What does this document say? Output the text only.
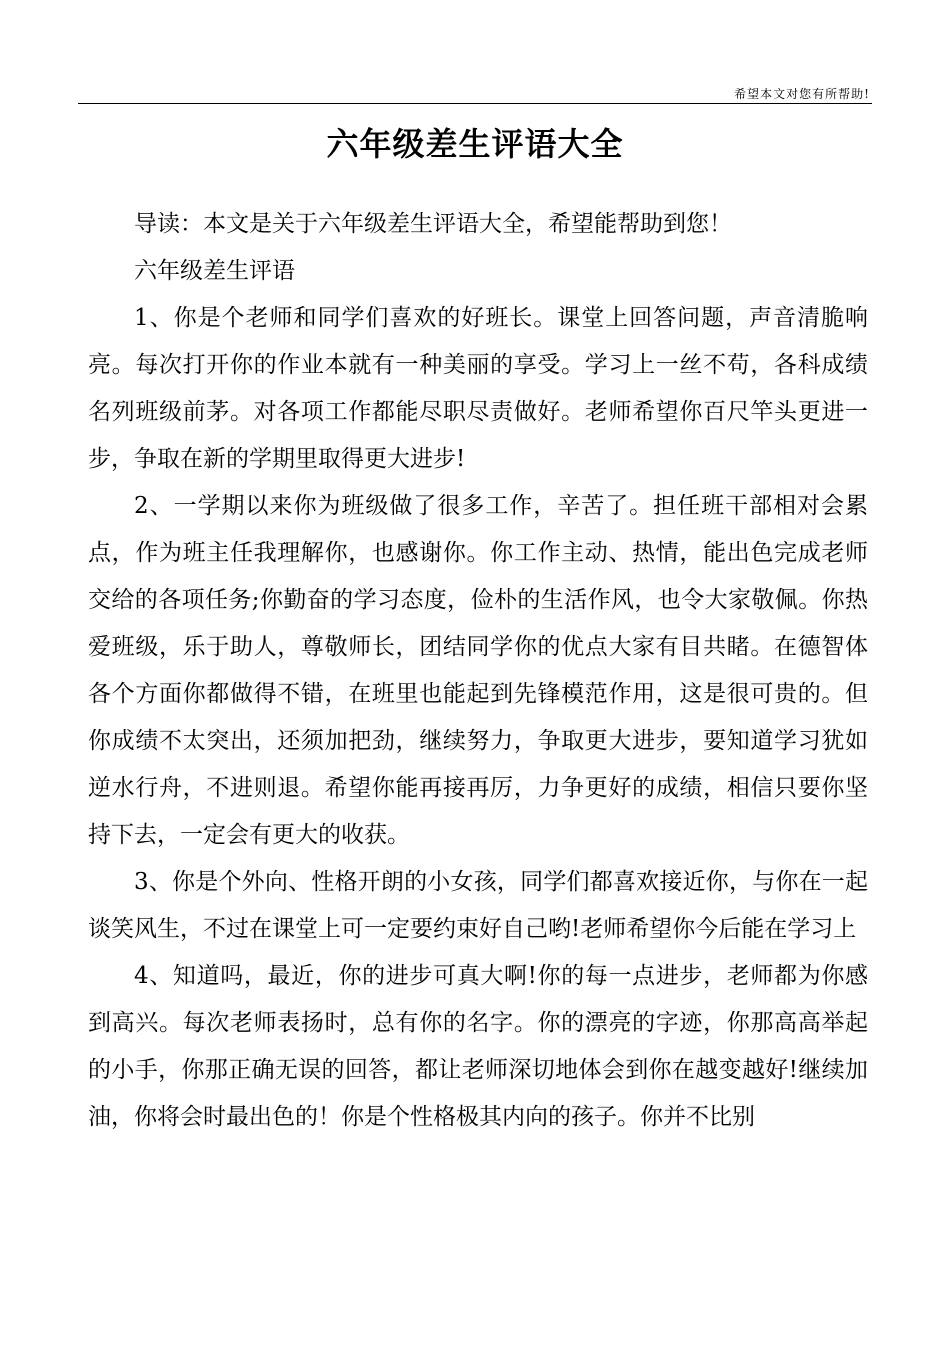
希望本文对您有所帮助!
六年级差生评语大全

导读：本文是关于六年级差生评语大全，希望能帮助到您！

六年级差生评语

1、你是个老师和同学们喜欢的好班长。课堂上回答问题，声音清脆响亮。每次打开你的作业本就有一种美丽的享受。学习上一丝不苟，各科成绩名列班级前茅。对各项工作都能尽职尽责做好。老师希望你百尺竿头更进一步，争取在新的学期里取得更大进步!

2、一学期以来你为班级做了很多工作，辛苦了。担任班干部相对会累点，作为班主任我理解你，也感谢你。你工作主动、热情，能出色完成老师交给的各项任务;你勤奋的学习态度，俭朴的生活作风，也令大家敬佩。你热爱班级，乐于助人，尊敬师长，团结同学你的优点大家有目共睹。在德智体各个方面你都做得不错，在班里也能起到先锋模范作用，这是很可贵的。但你成绩不太突出，还须加把劲，继续努力，争取更大进步，要知道学习犹如逆水行舟，不进则退。希望你能再接再厉，力争更好的成绩，相信只要你坚持下去，一定会有更大的收获。

3、你是个外向、性格开朗的小女孩，同学们都喜欢接近你，与你在一起谈笑风生，不过在课堂上可一定要约束好自己哟!老师希望你今后能在学习上

4、知道吗，最近，你的进步可真大啊!你的每一点进步，老师都为你感到高兴。每次老师表扬时，总有你的名字。你的漂亮的字迹，你那高高举起的小手，你那正确无误的回答，都让老师深切地体会到你在越变越好!继续加油，你将会时最出色的！你是个性格极其内向的孩子。你并不比别
